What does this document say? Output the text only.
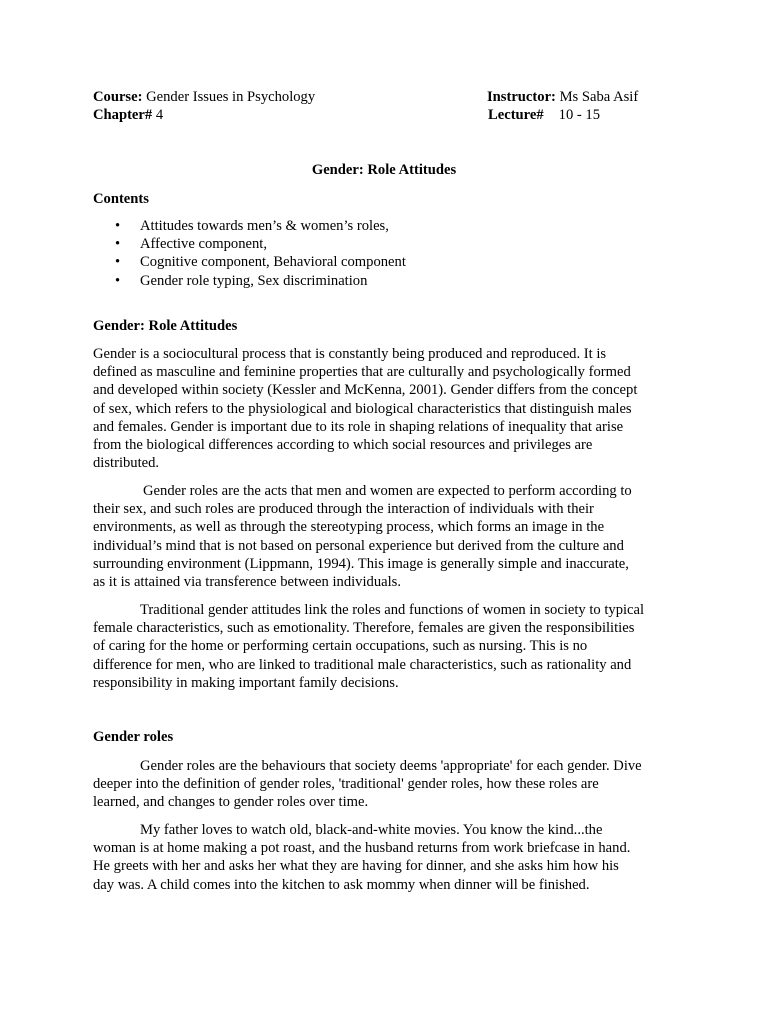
Course: Gender Issues in Psychology	Instructor: Ms Saba Asif
Chapter# 4	Lecture# 10 - 15
Gender: Role Attitudes
Contents
• Attitudes towards men’s & women’s roles,
• Affective component,
• Cognitive component, Behavioral component
• Gender role typing, Sex discrimination
Gender: Role Attitudes
Gender is a sociocultural process that is constantly being produced and reproduced. It is
defined as masculine and feminine properties that are culturally and psychologically formed
and developed within society (Kessler and McKenna, 2001). Gender differs from the concept
of sex, which refers to the physiological and biological characteristics that distinguish males
and females. Gender is important due to its role in shaping relations of inequality that arise
from the biological differences according to which social resources and privileges are
distributed.
Gender roles are the acts that men and women are expected to perform according to
their sex, and such roles are produced through the interaction of individuals with their
environments, as well as through the stereotyping process, which forms an image in the
individual’s mind that is not based on personal experience but derived from the culture and
surrounding environment (Lippmann, 1994). This image is generally simple and inaccurate,
as it is attained via transference between individuals.
Traditional gender attitudes link the roles and functions of women in society to typical
female characteristics, such as emotionality. Therefore, females are given the responsibilities
of caring for the home or performing certain occupations, such as nursing. This is no
difference for men, who are linked to traditional male characteristics, such as rationality and
responsibility in making important family decisions.
Gender roles
Gender roles are the behaviours that society deems 'appropriate' for each gender. Dive
deeper into the definition of gender roles, 'traditional' gender roles, how these roles are
learned, and changes to gender roles over time.
My father loves to watch old, black-and-white movies. You know the kind...the
woman is at home making a pot roast, and the husband returns from work briefcase in hand.
He greets with her and asks her what they are having for dinner, and she asks him how his
day was. A child comes into the kitchen to ask mommy when dinner will be finished.
